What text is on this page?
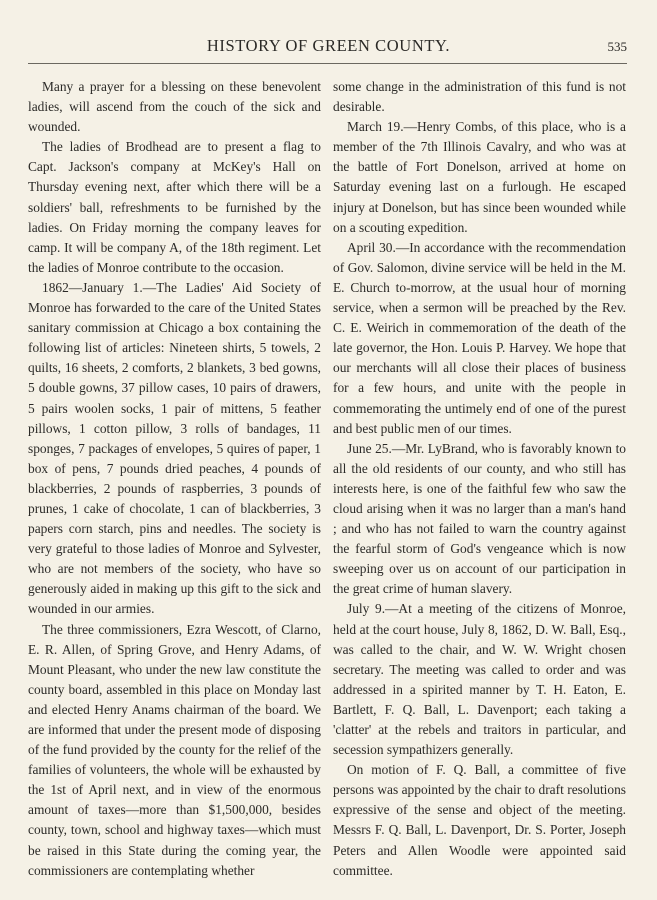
HISTORY OF GREEN COUNTY.	535

Many a prayer for a blessing on these benevolent ladies, will ascend from the couch of the sick and wounded.

The ladies of Brodhead are to present a flag to Capt. Jackson's company at McKey's Hall on Thursday evening next, after which there will be a soldiers' ball, refreshments to be furnished by the ladies. On Friday morning the company leaves for camp. It will be company A, of the 18th regiment. Let the ladies of Monroe contribute to the occasion.

1862—January 1.—The Ladies' Aid Society of Monroe has forwarded to the care of the United States sanitary commission at Chicago a box containing the following list of articles: Nineteen shirts, 5 towels, 2 quilts, 16 sheets, 2 comforts, 2 blankets, 3 bed gowns, 5 double gowns, 37 pillow cases, 10 pairs of drawers, 5 pairs woolen socks, 1 pair of mittens, 5 feather pillows, 1 cotton pillow, 3 rolls of bandages, 11 sponges, 7 packages of envelopes, 5 quires of paper, 1 box of pens, 7 pounds dried peaches, 4 pounds of blackberries, 2 pounds of raspberries, 3 pounds of prunes, 1 cake of chocolate, 1 can of blackberries, 3 papers corn starch, pins and needles. The society is very grateful to those ladies of Monroe and Sylvester, who are not members of the society, who have so generously aided in making up this gift to the sick and wounded in our armies.

The three commissioners, Ezra Wescott, of Clarno, E. R. Allen, of Spring Grove, and Henry Adams, of Mount Pleasant, who under the new law constitute the county board, assembled in this place on Monday last and elected Henry Anams chairman of the board. We are informed that under the present mode of disposing of the fund provided by the county for the relief of the families of volunteers, the whole will be exhausted by the 1st of April next, and in view of the enormous amount of taxes—more than $1,500,000, besides county, town, school and highway taxes—which must be raised in this State during the coming year, the commissioners are contemplating whether

some change in the administration of this fund is not desirable.

March 19.—Henry Combs, of this place, who is a member of the 7th Illinois Cavalry, and who was at the battle of Fort Donelson, arrived at home on Saturday evening last on a furlough. He escaped injury at Donelson, but has since been wounded while on a scouting expedition.

April 30.—In accordance with the recommendation of Gov. Salomon, divine service will be held in the M. E. Church to-morrow, at the usual hour of morning service, when a sermon will be preached by the Rev. C. E. Weirich in commemoration of the death of the late governor, the Hon. Louis P. Harvey. We hope that our merchants will all close their places of business for a few hours, and unite with the people in commemorating the untimely end of one of the purest and best public men of our times.

June 25.—Mr. LyBrand, who is favorably known to all the old residents of our county, and who still has interests here, is one of the faithful few who saw the cloud arising when it was no larger than a man's hand ; and who has not failed to warn the country against the fearful storm of God's vengeance which is now sweeping over us on account of our participation in the great crime of human slavery.

July 9.—At a meeting of the citizens of Monroe, held at the court house, July 8, 1862, D. W. Ball, Esq., was called to the chair, and W. W. Wright chosen secretary. The meeting was called to order and was addressed in a spirited manner by T. H. Eaton, E. Bartlett, F. Q. Ball, L. Davenport; each taking a 'clatter' at the rebels and traitors in particular, and secession sympathizers generally.

On motion of F. Q. Ball, a committee of five persons was appointed by the chair to draft resolutions expressive of the sense and object of the meeting. Messrs F. Q. Ball, L. Davenport, Dr. S. Porter, Joseph Peters and Allen Woodle were appointed said committee.
